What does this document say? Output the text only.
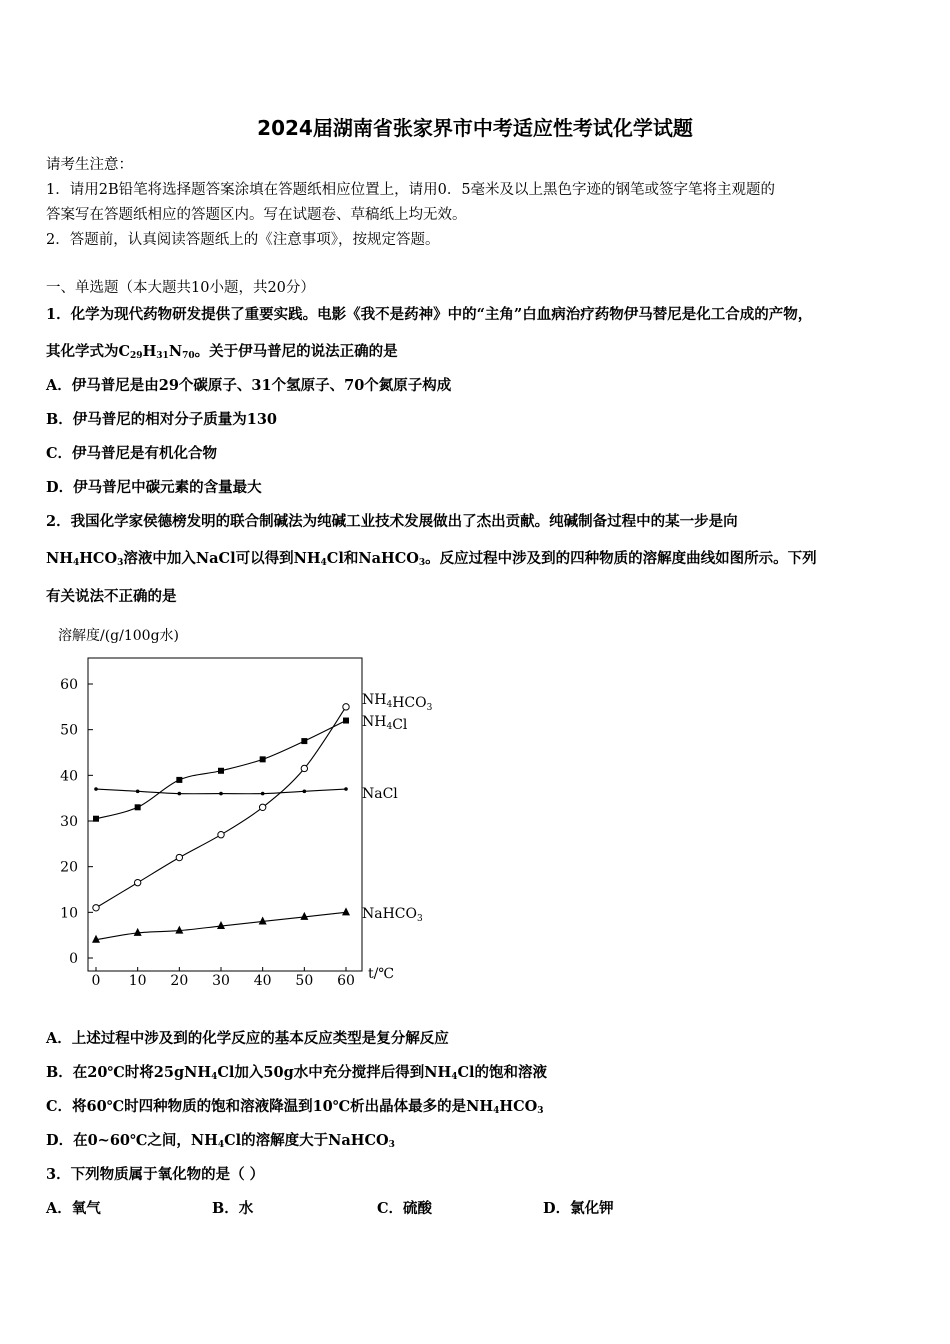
2024届湖南省张家界市中考适应性考试化学试题
请考生注意：
1．请用2B铅笔将选择题答案涂填在答题纸相应位置上，请用0．5毫米及以上黑色字迹的钢笔或签字笔将主观题的
答案写在答题纸相应的答题区内。写在试题卷、草稿纸上均无效。
2．答题前，认真阅读答题纸上的《注意事项》，按规定答题。
一、单选题（本大题共10小题，共20分）
1．化学为现代药物研发提供了重要实践。电影《我不是药神》中的“主角”白血病治疗药物伊马替尼是化工合成的产物，
其化学式为$C_{29}H_{31}N_{70}$。关于伊马普尼的说法正确的是
A．伊马普尼是由29个碳原子、31个氢原子、70个氮原子构成
B．伊马普尼的相对分子质量为130
C．伊马普尼是有机化合物
D．伊马普尼中碳元素的含量最大
2．我国化学家侯德榜发明的联合制碱法为纯碱工业技术发展做出了杰出贡献。纯碱制备过程中的某一步是向
$NH_4HCO_3$溶液中加入NaCl可以得到$NH_4Cl$和NaHCO$_3$。反应过程中涉及到的四种物质的溶解度曲线如图所示。下列
有关说法不正确的是
溶解度/(g/100g水)
0
10
20
30
40
50
60
0 10 20 30 40 50 60
$NH_4HCO_3$
$NH_4Cl$
NaCl
NaHCO$_3$
t/℃
A．上述过程中涉及到的化学反应的基本反应类型是复分解反应
B．在20℃时将25gNH$_4$Cl加入50g水中充分搅拌后得到$NH_4Cl$的饱和溶液
C．将60℃时四种物质的饱和溶液降温到10℃析出晶体最多的是$NH_4HCO_3$
D．在0~60℃之间，$NH_4Cl$的溶解度大于NaHCO$_3$
3．下列物质属于氧化物的是（ ）
A．氧气	B．水	C．硫酸	D．氯化钾
